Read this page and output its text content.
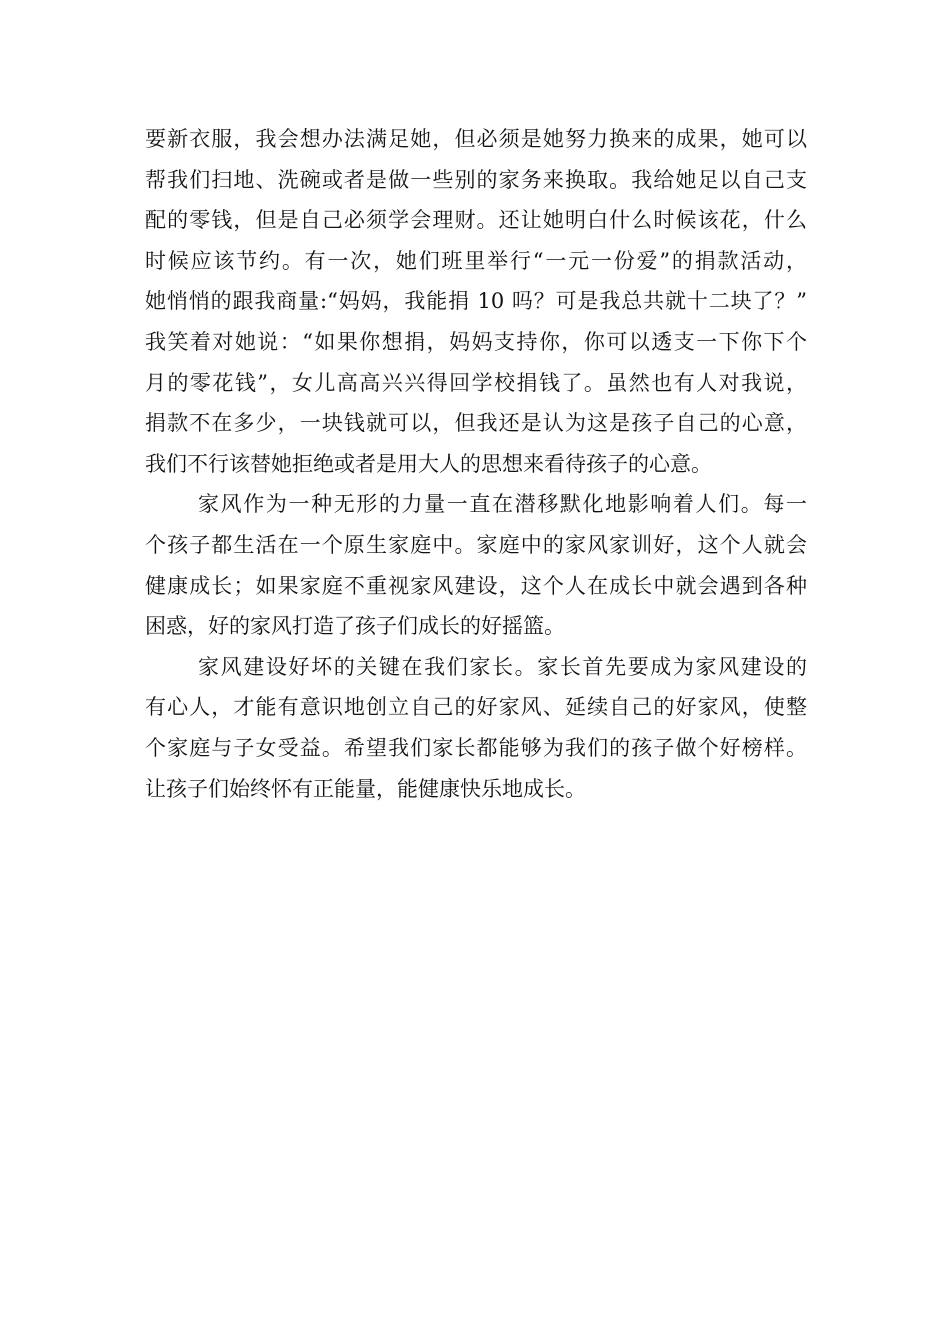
要新衣服，我会想办法满足她，但必须是她努力换来的成果，她可以
帮我们扫地、洗碗或者是做一些别的家务来换取。我给她足以自己支
配的零钱，但是自己必须学会理财。还让她明白什么时候该花，什么
时候应该节约。有一次，她们班里举行“一元一份爱”的捐款活动，
她悄悄的跟我商量:“妈妈，我能捐 10 吗？可是我总共就十二块了？”
我笑着对她说：“如果你想捐，妈妈支持你，你可以透支一下你下个
月的零花钱”，女儿高高兴兴得回学校捐钱了。虽然也有人对我说，
捐款不在多少，一块钱就可以，但我还是认为这是孩子自己的心意，
我们不行该替她拒绝或者是用大人的思想来看待孩子的心意。
家风作为一种无形的力量一直在潜移默化地影响着人们。每一
个孩子都生活在一个原生家庭中。家庭中的家风家训好，这个人就会
健康成长；如果家庭不重视家风建设，这个人在成长中就会遇到各种
困惑，好的家风打造了孩子们成长的好摇篮。
家风建设好坏的关键在我们家长。家长首先要成为家风建设的
有心人，才能有意识地创立自己的好家风、延续自己的好家风，使整
个家庭与子女受益。希望我们家长都能够为我们的孩子做个好榜样。
让孩子们始终怀有正能量，能健康快乐地成长。
